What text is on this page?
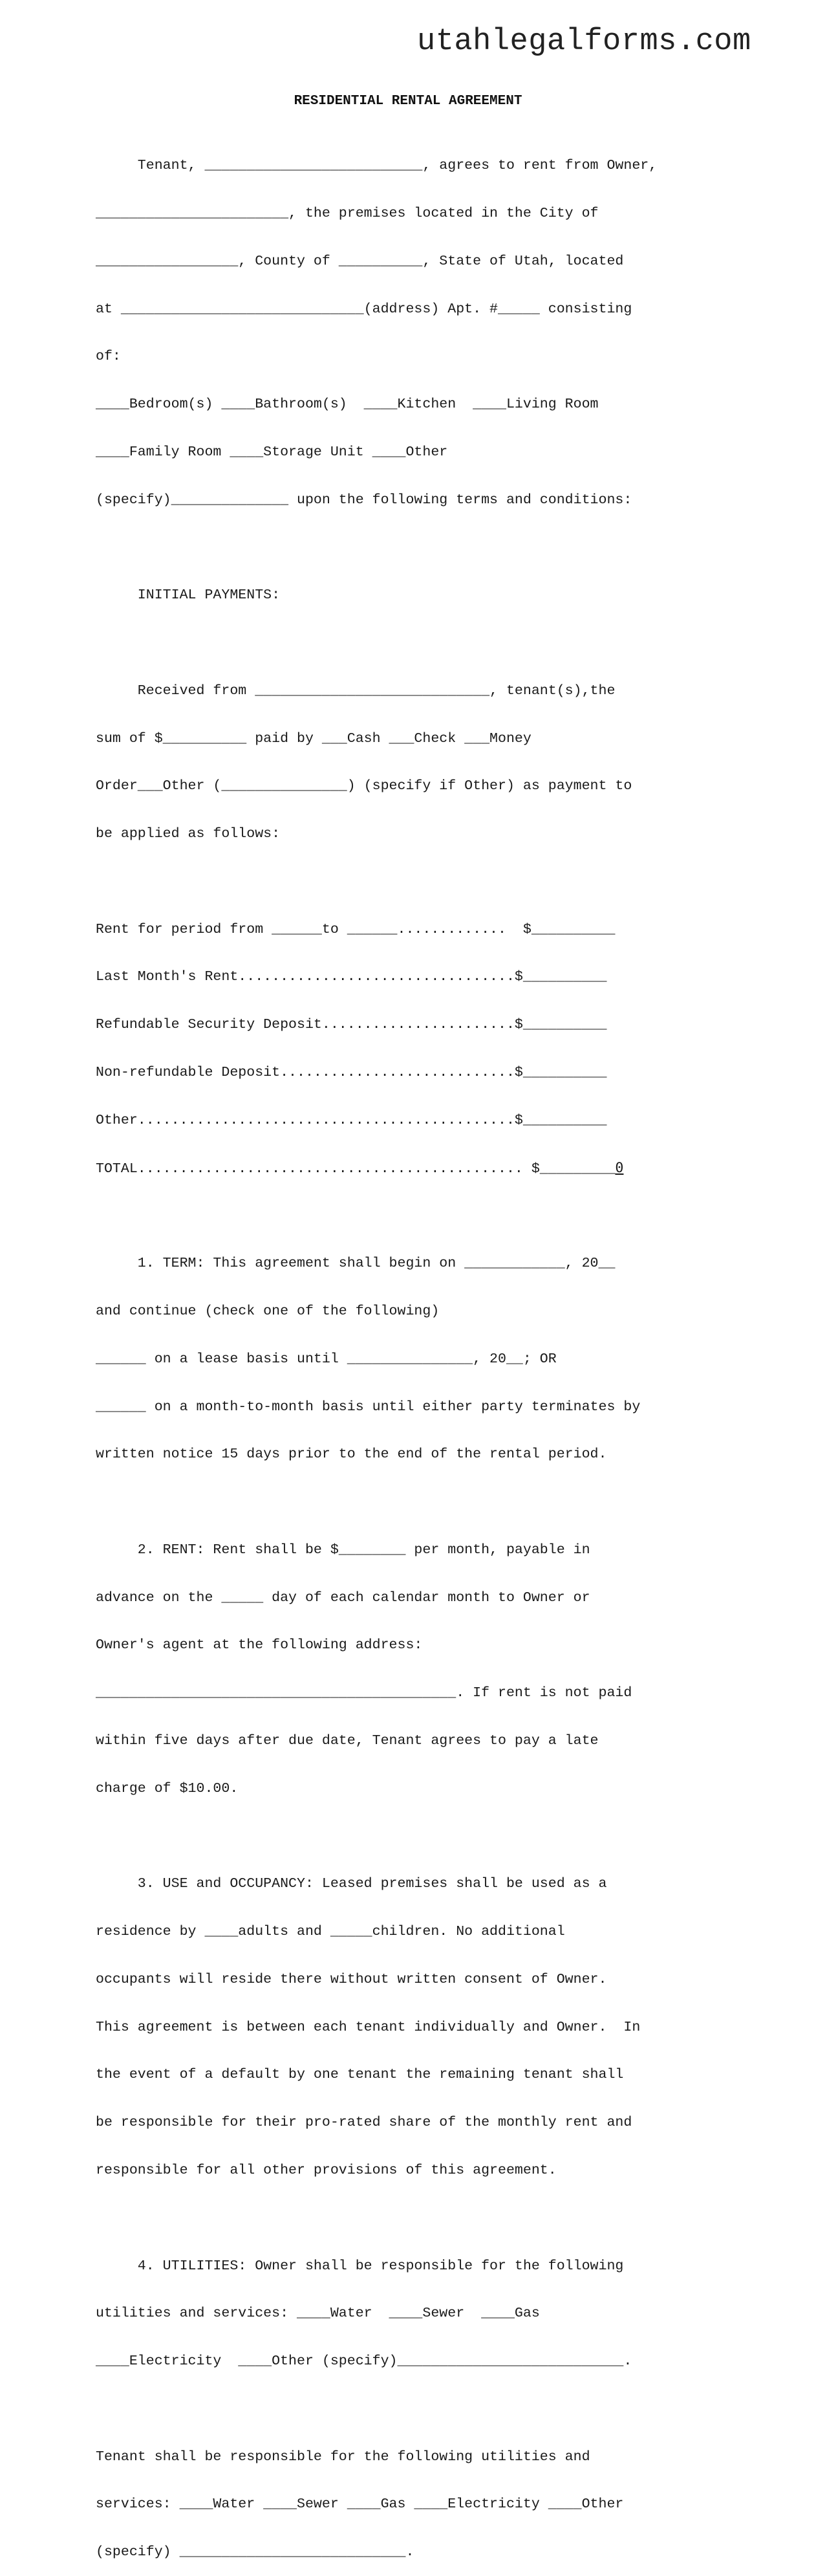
utahlegalforms.com
RESIDENTIAL RENTAL AGREEMENT

Tenant, __________________________, agrees to rent from Owner,

_______________________, the premises located in the City of

_________________, County of __________, State of Utah, located

at _____________________________(address) Apt. #_____ consisting

of:

____Bedroom(s) ____Bathroom(s)  ____Kitchen  ____Living Room

____Family Room ____Storage Unit ____Other

(specify)______________ upon the following terms and conditions:

INITIAL PAYMENTS:

Received from ____________________________, tenant(s),the

sum of $__________ paid by ___Cash ___Check ___Money

Order___Other (_______________) (specify if Other) as payment to

be applied as follows:

Rent for period from ______to ______.............  $__________

Last Month's Rent.................................$__________

Refundable Security Deposit.......................$__________

Non-refundable Deposit............................$__________

Other.............................................$__________

TOTAL.............................................. $_________0

1. TERM: This agreement shall begin on ____________, 20__

and continue (check one of the following)

______ on a lease basis until _______________, 20__; OR

______ on a month-to-month basis until either party terminates by

written notice 15 days prior to the end of the rental period.

2. RENT: Rent shall be $________ per month, payable in

advance on the _____ day of each calendar month to Owner or

Owner's agent at the following address:

___________________________________________. If rent is not paid

within five days after due date, Tenant agrees to pay a late

charge of $10.00.

3. USE and OCCUPANCY: Leased premises shall be used as a

residence by ____adults and _____children. No additional

occupants will reside there without written consent of Owner.

This agreement is between each tenant individually and Owner.  In

the event of a default by one tenant the remaining tenant shall

be responsible for their pro-rated share of the monthly rent and

responsible for all other provisions of this agreement.

4. UTILITIES: Owner shall be responsible for the following

utilities and services: ____Water  ____Sewer  ____Gas

____Electricity  ____Other (specify)___________________________.

Tenant shall be responsible for the following utilities and

services: ____Water ____Sewer ____Gas ____Electricity ____Other

(specify) ___________________________.
